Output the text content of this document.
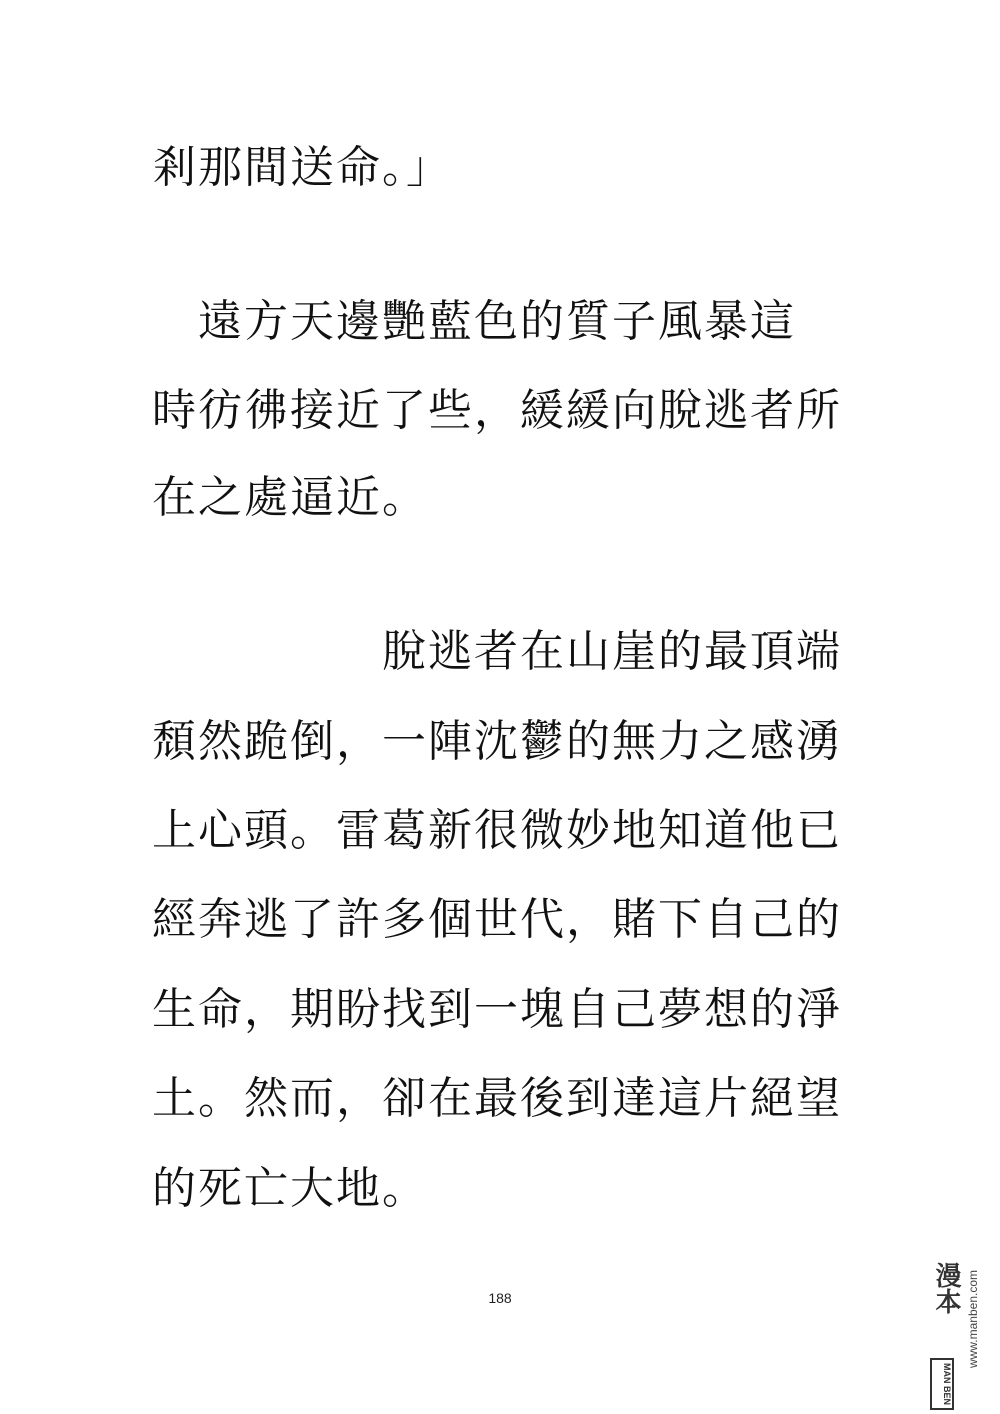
剎那間送命。」
　遠方天邊艷藍色的質子風暴這
時彷彿接近了些，緩緩向脫逃者所
在之處逼近。
　　　　　脫逃者在山崖的最頂端
頹然跪倒，一陣沈鬱的無力之感湧
上心頭。雷葛新很微妙地知道他已
經奔逃了許多個世代，賭下自己的
生命，期盼找到一塊自己夢想的淨
土。然而，卻在最後到達這片絕望
的死亡大地。
188	漫本
MAN BEN
www.manben.com
